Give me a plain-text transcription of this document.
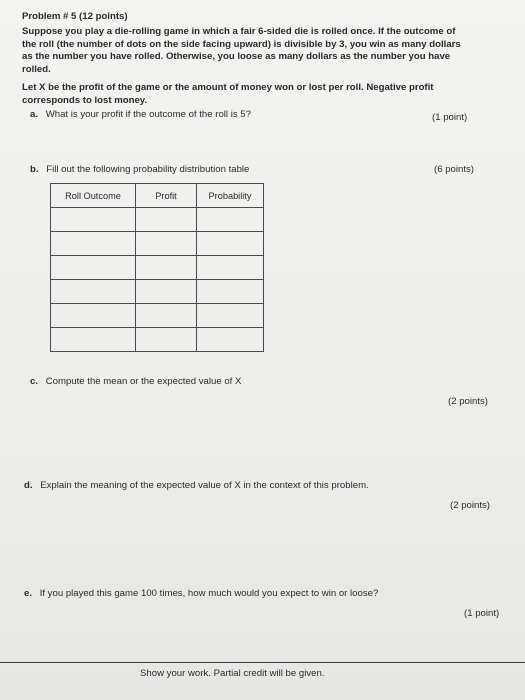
Problem # 5 (12 points)
Suppose you play a die-rolling game in which a fair 6-sided die is rolled once. If the outcome of
the roll (the number of dots on the side facing upward) is divisible by 3, you win as many dollars
as the number you have rolled. Otherwise, you loose as many dollars as the number you have
rolled.
Let X be the profit of the game or the amount of money won or lost per roll. Negative profit
corresponds to lost money.
a. What is your profit if the outcome of the roll is 5?	(1 point)
b. Fill out the following probability distribution table	(6 points)
Roll Outcome	Profit	Probability

c. Compute the mean or the expected value of X
(2 points)
d. Explain the meaning of the expected value of X in the context of this problem.
(2 points)
e. If you played this game 100 times, how much would you expect to win or loose?
(1 point)
Show your work. Partial credit will be given.
